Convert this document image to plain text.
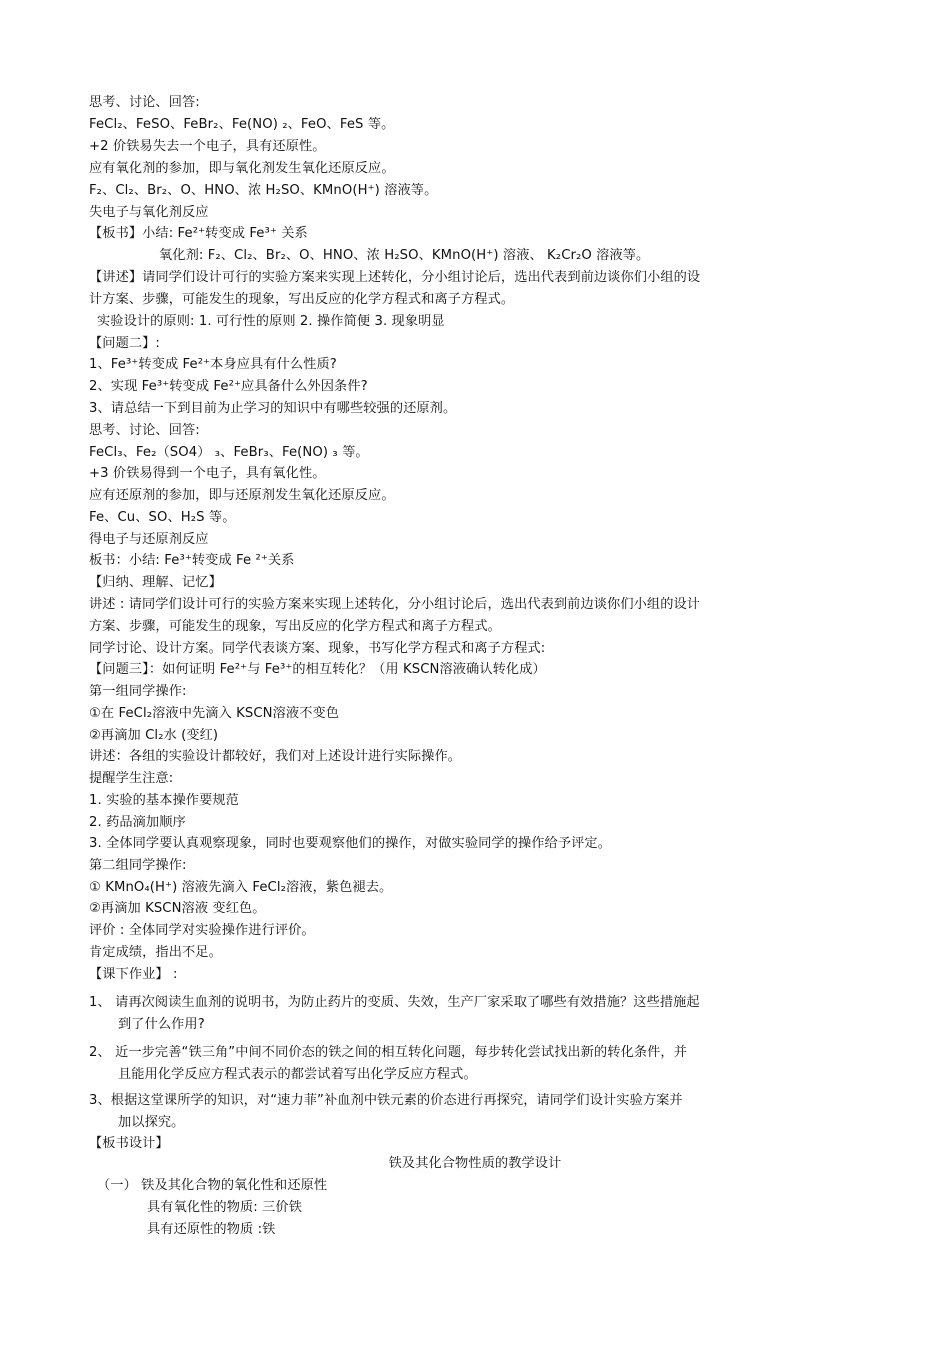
思考、讨论、回答:
FeCl₂、FeSO、FeBr₂、Fe(NO) ₂、FeO、FeS 等。
+2 价铁易失去一个电子，具有还原性。
应有氧化剂的参加，即与氧化剂发生氧化还原反应。
F₂、Cl₂、Br₂、O、HNO、浓 H₂SO、KMnO(H⁺) 溶液等。
失电子与氧化剂反应
【板书】小结: Fe²⁺转变成 Fe³⁺ 关系
氧化剂: F₂、Cl₂、Br₂、O、HNO、浓 H₂SO、KMnO(H⁺) 溶液、 K₂Cr₂O 溶液等。
【讲述】请同学们设计可行的实验方案来实现上述转化，分小组讨论后，选出代表到前边谈你们小组的设
计方案、步骤，可能发生的现象，写出反应的化学方程式和离子方程式。
实验设计的原则: 1. 可行性的原则 2. 操作简便 3. 现象明显
【问题二】:
1、Fe³⁺转变成 Fe²⁺本身应具有什么性质?
2、实现 Fe³⁺转变成 Fe²⁺应具备什么外因条件?
3、请总结一下到目前为止学习的知识中有哪些较强的还原剂。
思考、讨论、回答:
FeCl₃、Fe₂（SO4） ₃、FeBr₃、Fe(NO) ₃ 等。
+3 价铁易得到一个电子，具有氧化性。
应有还原剂的参加，即与还原剂发生氧化还原反应。
Fe、Cu、SO、H₂S 等。
得电子与还原剂反应
板书：小结: Fe³⁺转变成 Fe ²⁺关系
【归纳、理解、记忆】
讲述 : 请同学们设计可行的实验方案来实现上述转化，分小组讨论后，选出代表到前边谈你们小组的设计
方案、步骤，可能发生的现象，写出反应的化学方程式和离子方程式。
同学讨论、设计方案。同学代表谈方案、现象，书写化学方程式和离子方程式:
【问题三】：如何证明 Fe²⁺与 Fe³⁺的相互转化？（用 KSCN溶液确认转化成）
第一组同学操作:
①在 FeCl₂溶液中先滴入 KSCN溶液不变色
②再滴加 Cl₂水 (变红)
讲述：各组的实验设计都较好，我们对上述设计进行实际操作。
提醒学生注意:
1. 实验的基本操作要规范
2. 药品滴加顺序
3. 全体同学要认真观察现象，同时也要观察他们的操作，对做实验同学的操作给予评定。
第二组同学操作:
① KMnO₄(H⁺) 溶液先滴入 FeCl₂溶液，紫色褪去。
②再滴加 KSCN溶液 变红色。
评价 : 全体同学对实验操作进行评价。
肯定成绩，指出不足。
【课下作业】 :
1、 请再次阅读生血剂的说明书，为防止药片的变质、失效，生产厂家采取了哪些有效措施？这些措施起
到了什么作用?
2、 近一步完善“铁三角”中间不同价态的铁之间的相互转化问题，每步转化尝试找出新的转化条件，并
且能用化学反应方程式表示的都尝试着写出化学反应方程式。
3、根据这堂课所学的知识，对“速力菲”补血剂中铁元素的价态进行再探究，请同学们设计实验方案并
加以探究。
【板书设计】
铁及其化合物性质的教学设计
（一） 铁及其化合物的氧化性和还原性
具有氧化性的物质: 三价铁
具有还原性的物质 :铁
